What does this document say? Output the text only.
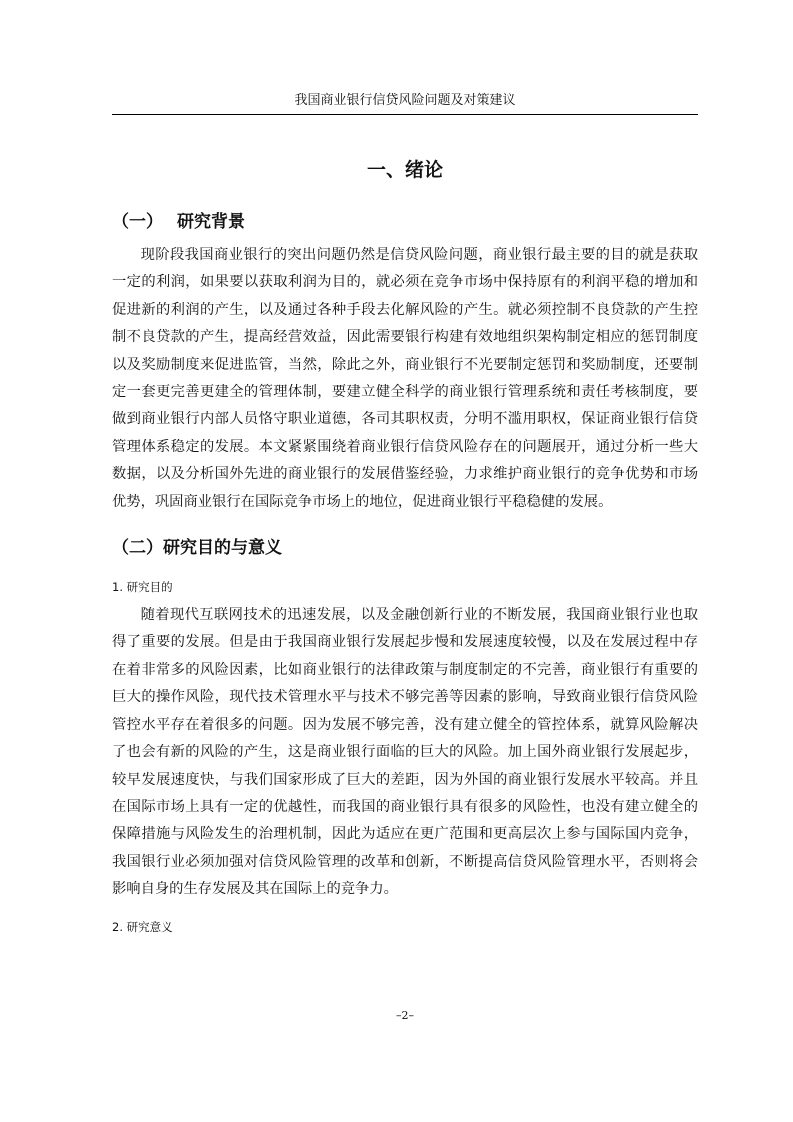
我国商业银行信贷风险问题及对策建议
一、绪论
（一） 研究背景

现阶段我国商业银行的突出问题仍然是信贷风险问题，商业银行最主要的目的就是获取一定的利润，如果要以获取利润为目的，就必须在竞争市场中保持原有的利润平稳的增加和促进新的利润的产生，以及通过各种手段去化解风险的产生。就必须控制不良贷款的产生控制不良贷款的产生，提高经营效益，因此需要银行构建有效地组织架构制定相应的惩罚制度以及奖励制度来促进监管，当然，除此之外，商业银行不光要制定惩罚和奖励制度，还要制定一套更完善更建全的管理体制，要建立健全科学的商业银行管理系统和责任考核制度，要做到商业银行内部人员恪守职业道德，各司其职权责，分明不滥用职权，保证商业银行信贷管理体系稳定的发展。本文紧紧围绕着商业银行信贷风险存在的问题展开，通过分析一些大数据，以及分析国外先进的商业银行的发展借鉴经验，力求维护商业银行的竞争优势和市场优势，巩固商业银行在国际竞争市场上的地位，促进商业银行平稳稳健的发展。

（二）研究目的与意义
1. 研究目的

随着现代互联网技术的迅速发展，以及金融创新行业的不断发展，我国商业银行业也取得了重要的发展。但是由于我国商业银行发展起步慢和发展速度较慢，以及在发展过程中存在着非常多的风险因素，比如商业银行的法律政策与制度制定的不完善，商业银行有重要的巨大的操作风险，现代技术管理水平与技术不够完善等因素的影响，导致商业银行信贷风险管控水平存在着很多的问题。因为发展不够完善，没有建立健全的管控体系，就算风险解决了也会有新的风险的产生，这是商业银行面临的巨大的风险。加上国外商业银行发展起步，较早发展速度快，与我们国家形成了巨大的差距，因为外国的商业银行发展水平较高。并且在国际市场上具有一定的优越性，而我国的商业银行具有很多的风险性，也没有建立健全的保障措施与风险发生的治理机制，因此为适应在更广范围和更高层次上参与国际国内竞争，我国银行业必须加强对信贷风险管理的改革和创新，不断提高信贷风险管理水平，否则将会影响自身的生存发展及其在国际上的竞争力。

2. 研究意义
–2–
